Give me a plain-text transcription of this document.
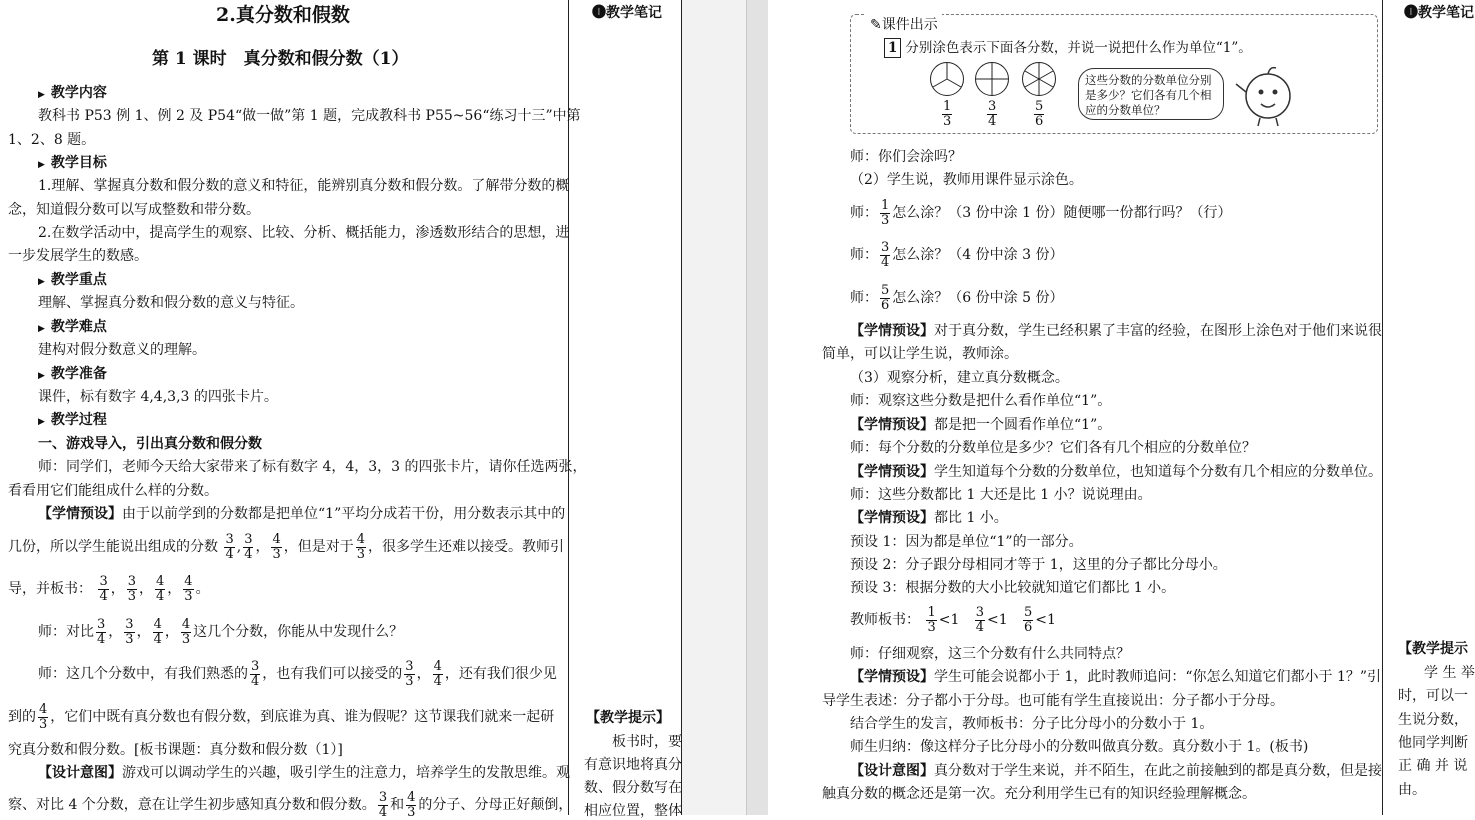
2.真分数和假数
第 1 课时　真分数和假分数（1）
▶ 教学内容
教科书 P53 例 1、例 2 及 P54“做一做”第 1 题，完成教科书 P55~56“练习十三”中第
1、2、8 题。
▶ 教学目标
1.理解、掌握真分数和假分数的意义和特征，能辨别真分数和假分数。了解带分数的概
念，知道假分数可以写成整数和带分数。
2.在数学活动中，提高学生的观察、比较、分析、概括能力，渗透数形结合的思想，进
一步发展学生的数感。
▶ 教学重点
理解、掌握真分数和假分数的意义与特征。
▶ 教学难点
建构对假分数意义的理解。
▶ 教学准备
课件，标有数字 4,4,3,3 的四张卡片。
▶ 教学过程
一、游戏导入，引出真分数和假分数
师：同学们，老师今天给大家带来了标有数字 4，4，3，3 的四张卡片，请你任选两张，
看看用它们能组成什么样的分数。
【学情预设】由于以前学到的分数都是把单位“1”平均分成若干份，用分数表示其中的
几份，所以学生能说出组成的分数 $\frac{3}{4}$ , $\frac{3}{4}$ ， $\frac{4}{3}$ ，但是对于 $\frac{4}{3}$ ，很多学生还难以接受。教师引
导，并板书： $\frac{3}{4}$ ， $\frac{3}{3}$ ， $\frac{4}{4}$ ， $\frac{4}{3}$ 。
师：对比 $\frac{3}{4}$ ， $\frac{3}{3}$ ， $\frac{4}{4}$ ， $\frac{4}{3}$ 这几个分数，你能从中发现什么？
师：这几个分数中，有我们熟悉的 $\frac{3}{4}$ ，也有我们可以接受的 $\frac{3}{3}$ ， $\frac{4}{4}$ ，还有我们很少见
到的 $\frac{4}{3}$ ，它们中既有真分数也有假分数，到底谁为真、谁为假呢？这节课我们就来一起研
究真分数和假分数。[板书课题：真分数和假分数（1）]
【设计意图】游戏可以调动学生的兴趣，吸引学生的注意力，培养学生的发散思维。观
察、对比 4 个分数，意在让学生初步感知真分数和假分数。 $\frac{3}{4}$ 和 $\frac{4}{3}$ 的分子、分母正好颠倒，
❶教学笔记
【教学提示】
板书时，要
有意识地将真分
数、假分数写在
相应位置，整体
✎课件出示
1 分别涂色表示下面各分数，并说一说把什么作为单位“1”。
$\frac{1}{3}$	$\frac{3}{4}$	$\frac{5}{6}$
这些分数的分数单位分别是多少？它们各有几个相应的分数单位？
师：你们会涂吗？
（2）学生说，教师用课件显示涂色。
师： $\frac{1}{3}$ 怎么涂？（3 份中涂 1 份）随便哪一份都行吗？（行）
师： $\frac{3}{4}$ 怎么涂？（4 份中涂 3 份）
师： $\frac{5}{6}$ 怎么涂？（6 份中涂 5 份）
【学情预设】对于真分数，学生已经积累了丰富的经验，在图形上涂色对于他们来说很
简单，可以让学生说，教师涂。
（3）观察分析，建立真分数概念。
师：观察这些分数是把什么看作单位“1”。
【学情预设】都是把一个圆看作单位“1”。
师：每个分数的分数单位是多少？它们各有几个相应的分数单位？
【学情预设】学生知道每个分数的分数单位，也知道每个分数有几个相应的分数单位。
师：这些分数都比 1 大还是比 1 小？说说理由。
【学情预设】都比 1 小。
预设 1：因为都是单位“1”的一部分。
预设 2：分子跟分母相同才等于 1，这里的分子都比分母小。
预设 3：根据分数的大小比较就知道它们都比 1 小。
教师板书： $\frac{1}{3} <1 \frac{3}{4} <1 \frac{5}{6} <1$
师：仔细观察，这三个分数有什么共同特点？
【学情预设】学生可能会说都小于 1，此时教师追问：“你怎么知道它们都小于 1？”引
导学生表述：分子都小于分母。也可能有学生直接说出：分子都小于分母。
结合学生的发言，教师板书：分子比分母小的分数小于 1。
师生归纳：像这样分子比分母小的分数叫做真分数。真分数小于 1。(板书)
【设计意图】真分数对于学生来说，并不陌生，在此之前接触到的都是真分数，但是接
触真分数的概念还是第一次。充分利用学生已有的知识经验理解概念。
❶教学笔记
【教学提示
学 生 举
时，可以一
生说分数，
他同学判断
正 确 并 说
由。
